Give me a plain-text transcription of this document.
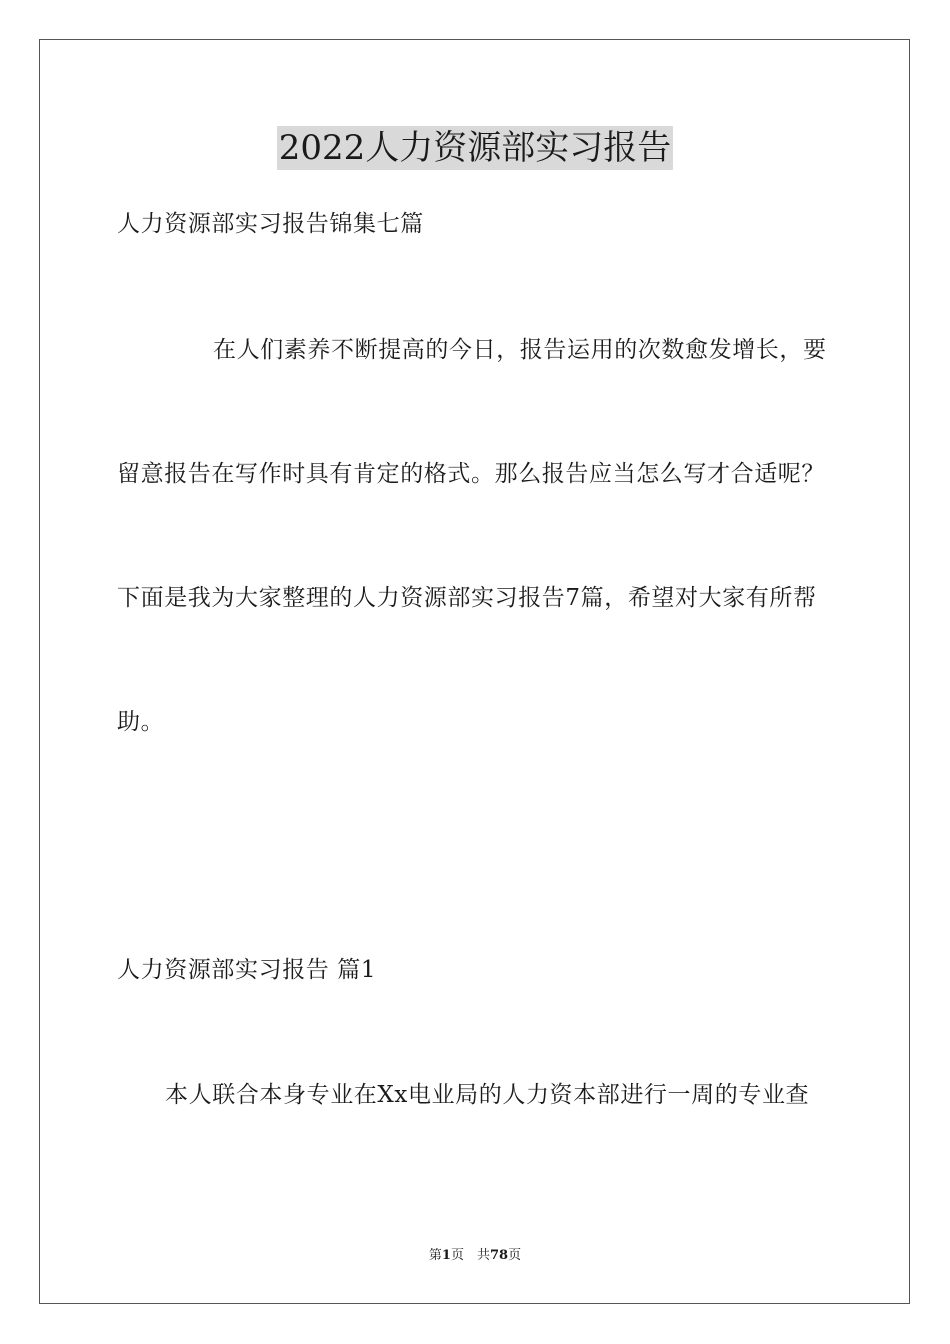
2022人力资源部实习报告
人力资源部实习报告锦集七篇
在人们素养不断提高的今日，报告运用的次数愈发增长，要
留意报告在写作时具有肯定的格式。那么报告应当怎么写才合适呢？
下面是我为大家整理的人力资源部实习报告7篇，希望对大家有所帮
助。
人力资源部实习报告 篇1
本人联合本身专业在Xx电业局的人力资本部进行一周的专业查
第1页　共78页
